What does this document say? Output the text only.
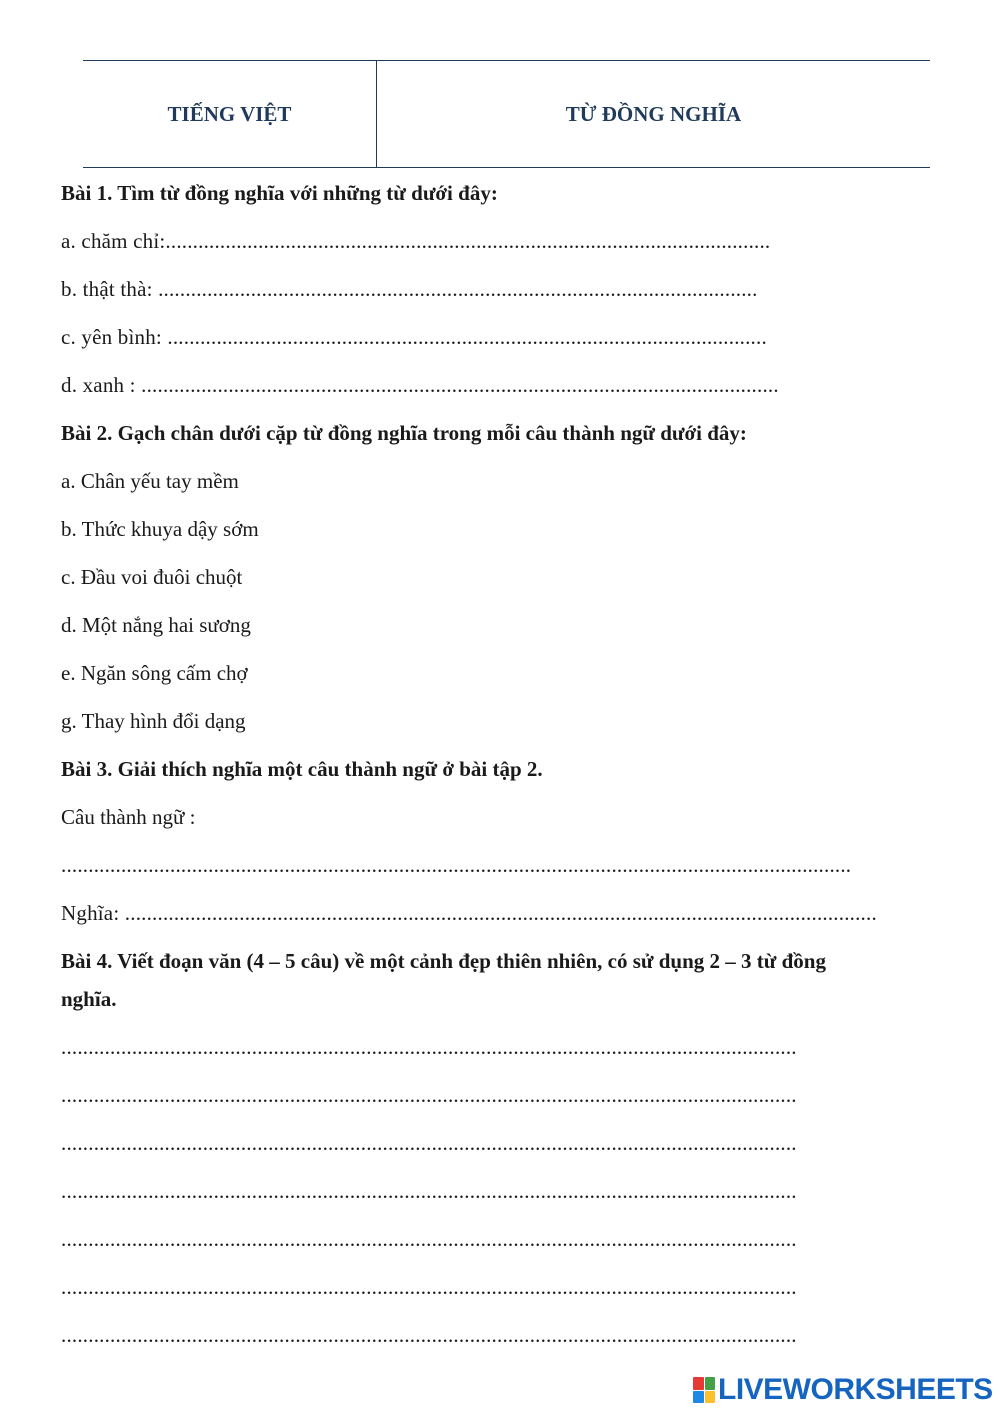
TIẾNG VIỆT	TỪ ĐỒNG NGHĨA
Bài 1. Tìm từ đồng nghĩa với những từ dưới đây:
a. chăm chỉ:...............................................................................................................
b. thật thà: ..............................................................................................................
c. yên bình: ..............................................................................................................
d. xanh : .....................................................................................................................
Bài 2. Gạch chân dưới cặp từ đồng nghĩa trong mỗi câu thành ngữ dưới đây:
a. Chân yếu tay mềm
b. Thức khuya dậy sớm
c. Đầu voi đuôi chuột
d. Một nắng hai sương
e. Ngăn sông cấm chợ
g. Thay hình đổi dạng
Bài 3. Giải thích nghĩa một câu thành ngữ ở bài tập 2.
Câu thành ngữ :
.................................................................................................................................................
Nghĩa: ..........................................................................................................................................
Bài 4. Viết đoạn văn (4 – 5 câu) về một cảnh đẹp thiên nhiên, có sử dụng 2 – 3 từ đồng
nghĩa.
.......................................................................................................................................
.......................................................................................................................................
.......................................................................................................................................
.......................................................................................................................................
.......................................................................................................................................
.......................................................................................................................................
.......................................................................................................................................
LIVEWORKSHEETS
